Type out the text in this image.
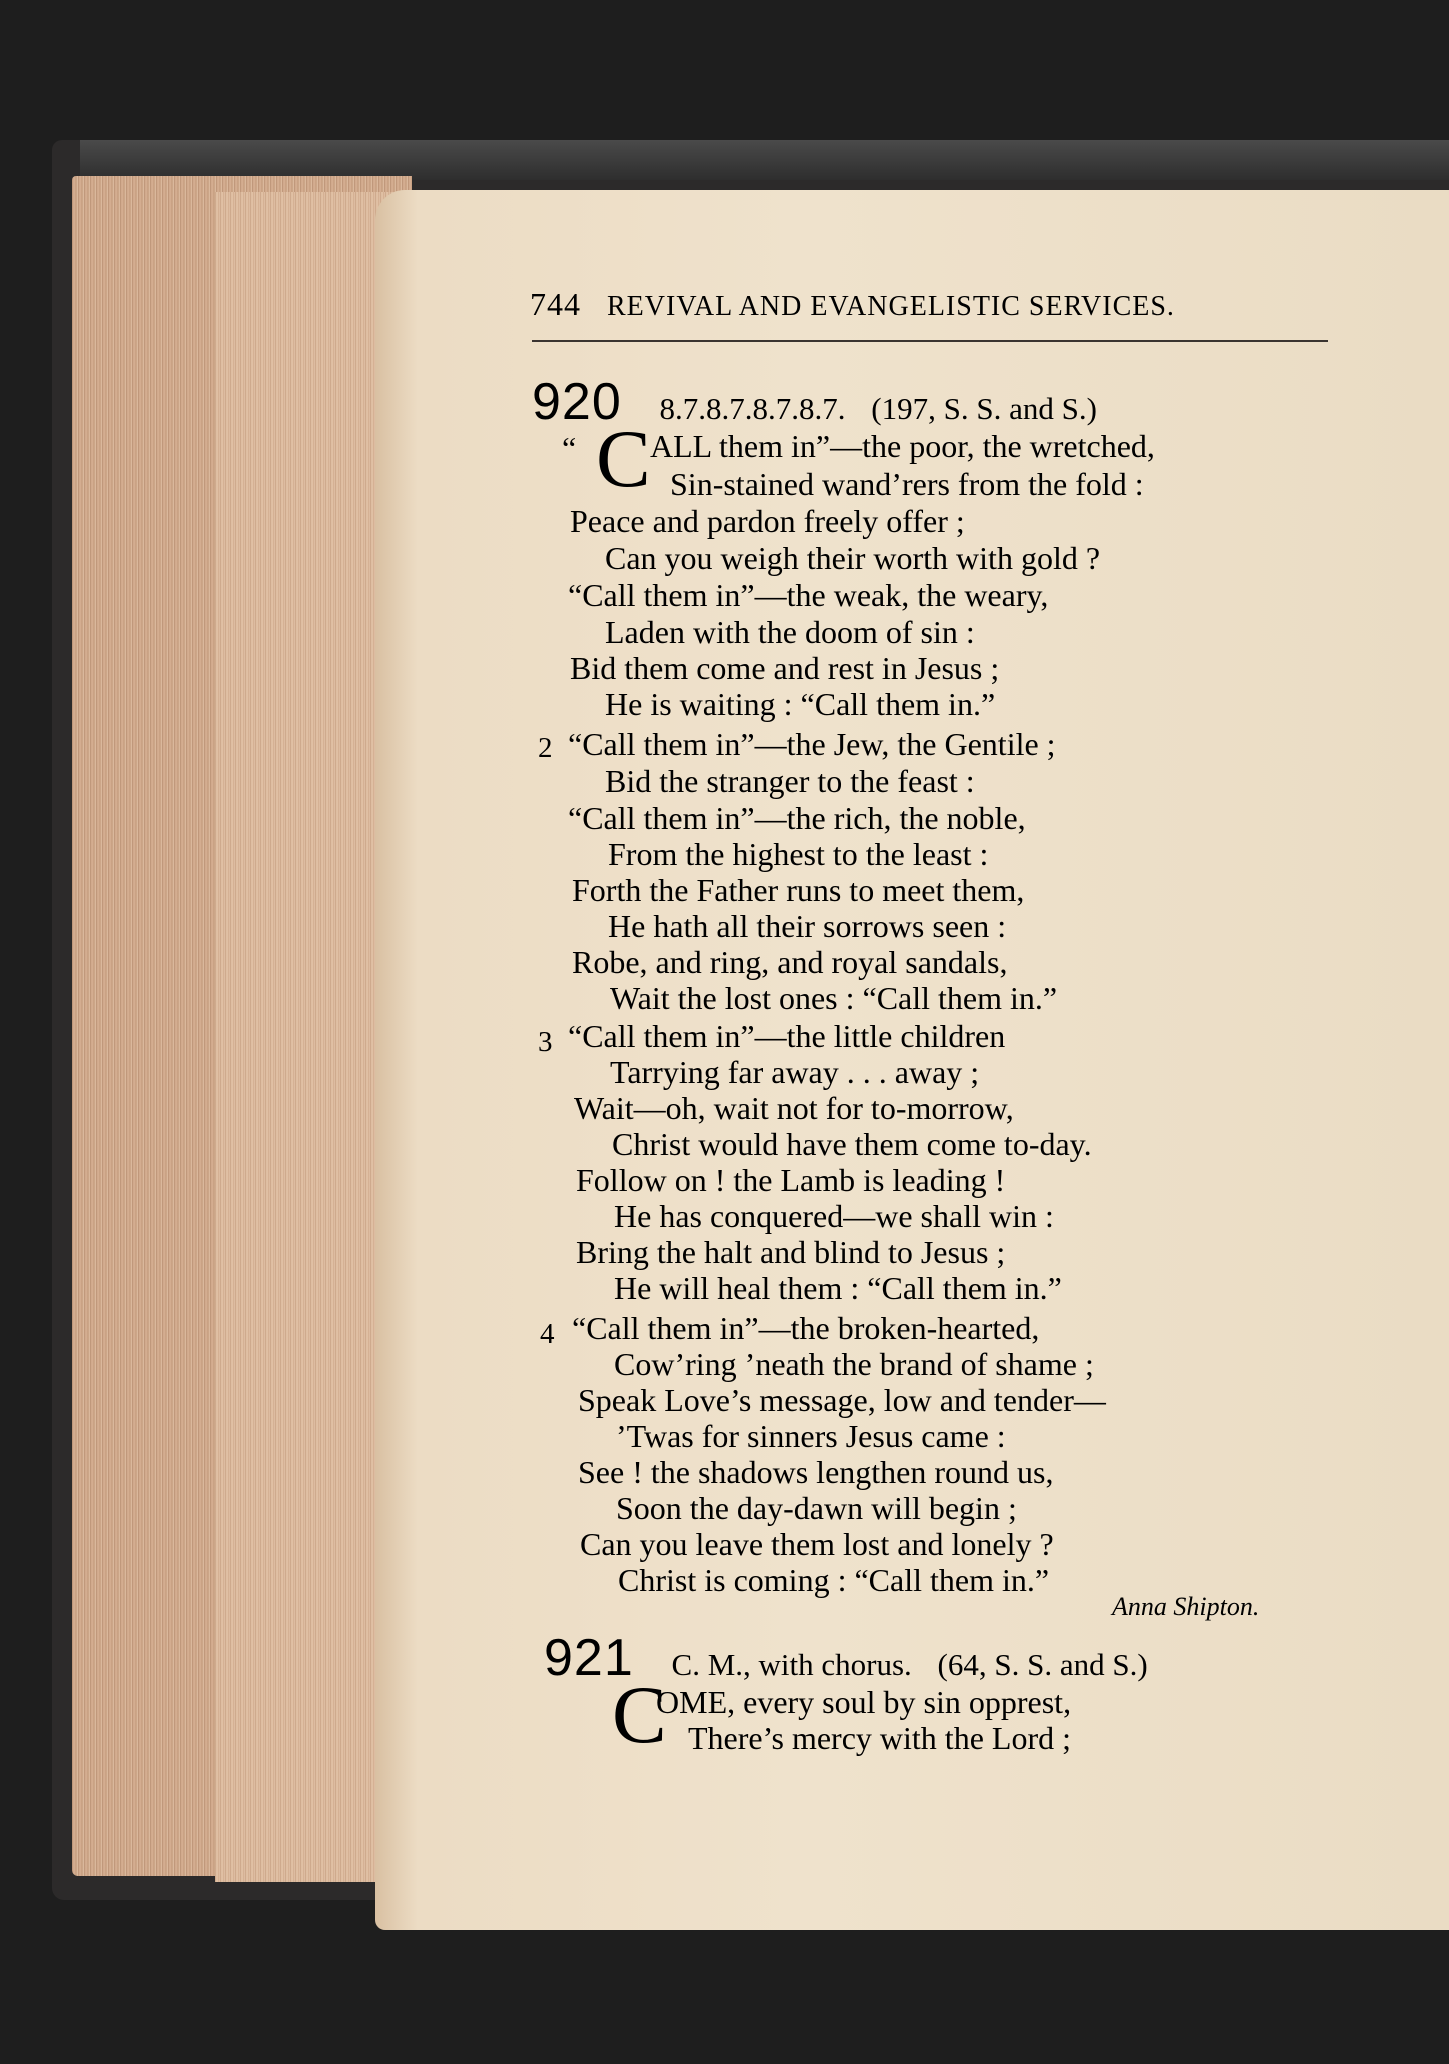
744 REVIVAL AND EVANGELISTIC SERVICES.
920 8.7.8.7.8.7.8.7. (197, S. S. and S.)
“ C ALL them in”—the poor, the wretched,
Sin-stained wand’rers from the fold :
Peace and pardon freely offer ;
Can you weigh their worth with gold ?
“Call them in”—the weak, the weary,
Laden with the doom of sin :
Bid them come and rest in Jesus ;
He is waiting : “Call them in.”
2 “Call them in”—the Jew, the Gentile ;
Bid the stranger to the feast :
“Call them in”—the rich, the noble,
From the highest to the least :
Forth the Father runs to meet them,
He hath all their sorrows seen :
Robe, and ring, and royal sandals,
Wait the lost ones : “Call them in.”
3 “Call them in”—the little children
Tarrying far away . . . away ;
Wait—oh, wait not for to-morrow,
Christ would have them come to-day.
Follow on ! the Lamb is leading !
He has conquered—we shall win :
Bring the halt and blind to Jesus ;
He will heal them : “Call them in.”
4 “Call them in”—the broken-hearted,
Cow’ring ’neath the brand of shame ;
Speak Love’s message, low and tender—
’Twas for sinners Jesus came :
See ! the shadows lengthen round us,
Soon the day-dawn will begin ;
Can you leave them lost and lonely ?
Christ is coming : “Call them in.”
Anna Shipton.
921 C. M., with chorus. (64, S. S. and S.)
C
OME, every soul by sin opprest,
There’s mercy with the Lord ;
